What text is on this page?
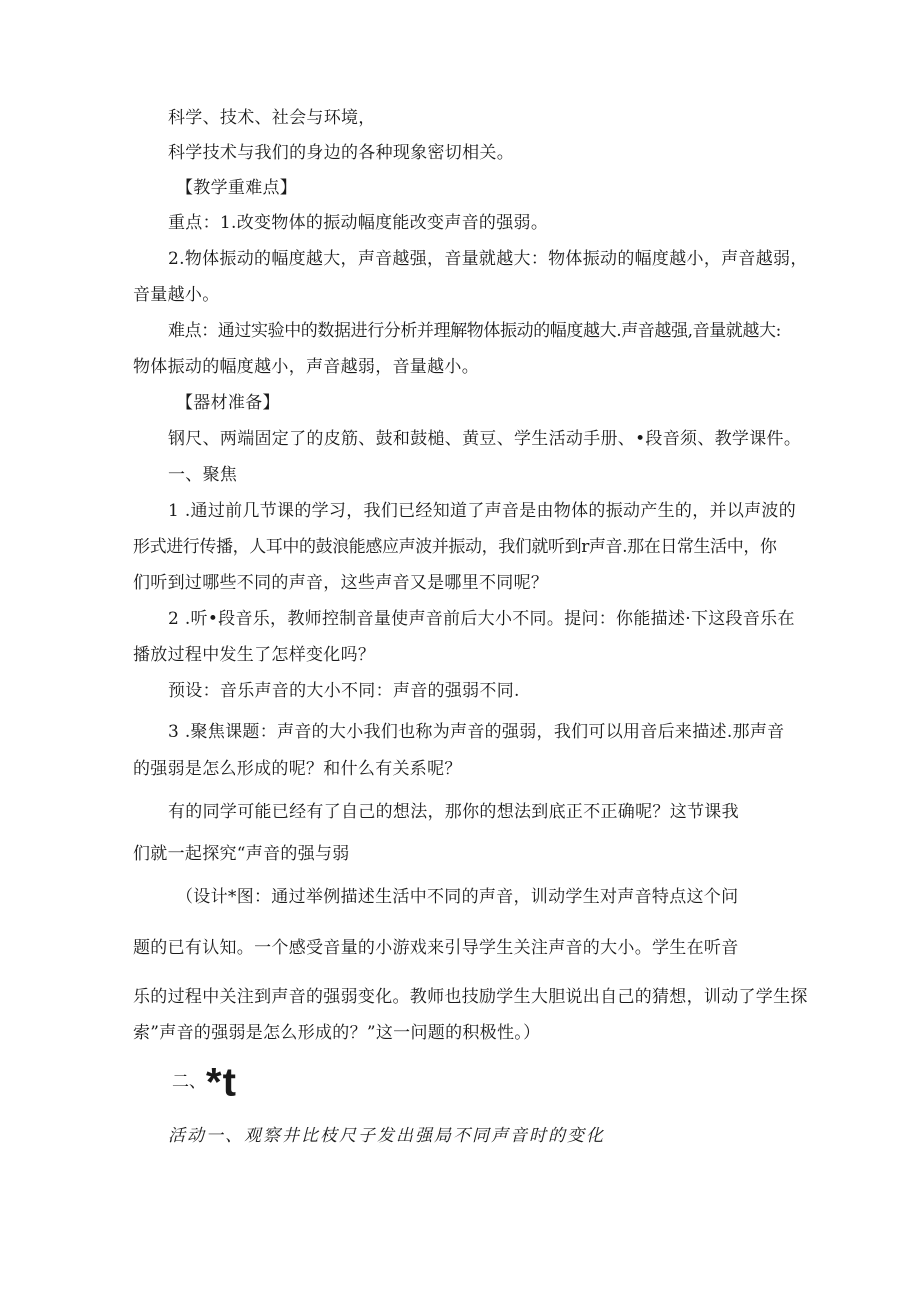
科学、技术、社会与环境，
科学技术与我们的身边的各种现象密切相关。
【教学重难点】
重点：1.改变物体的振动幅度能改变声音的强弱。
2.物体振动的幅度越大，声音越强，音量就越大：物体振动的幅度越小，声音越弱，
音量越小。
难点：通过实验中的数据进行分析并理解物体振动的幅度越大.声音越强,音量就越大:
物体振动的幅度越小，声音越弱，音量越小。
【器材准备】
钢尺、两端固定了的皮筋、鼓和鼓槌、黄豆、学生活动手册、•段音须、教学课件。
一、聚焦
1 .通过前几节课的学习，我们已经知道了声音是由物体的振动产生的，并以声波的
形式进行传播，人耳中的鼓浪能感应声波并振动，我们就听到r声音.那在日常生活中，你
们听到过哪些不同的声音，这些声音又是哪里不同呢？
2 .听•段音乐，教师控制音量使声音前后大小不同。提问：你能描述·下这段音乐在
播放过程中发生了怎样变化吗？
预设：音乐声音的大小不同：声音的强弱不同.
3 .聚焦课题：声音的大小我们也称为声音的强弱，我们可以用音后来描述.那声音
的强弱是怎么形成的呢？和什么有关系呢？
有的同学可能已经有了自己的想法，那你的想法到底正不正确呢？这节课我
们就一起探究“声音的强与弱
（设计*图：通过举例描述生活中不同的声音，训动学生对声音特点这个问
题的已有认知。一个感受音量的小游戏来引导学生关注声音的大小。学生在听音
乐的过程中关注到声音的强弱变化。教师也技励学生大胆说出自己的猜想，训动了学生探
索”声音的强弱是怎么形成的？”这一问题的积极性。）
二、*t
活动一、观察井比枝尺子发出强局不同声音时的变化
